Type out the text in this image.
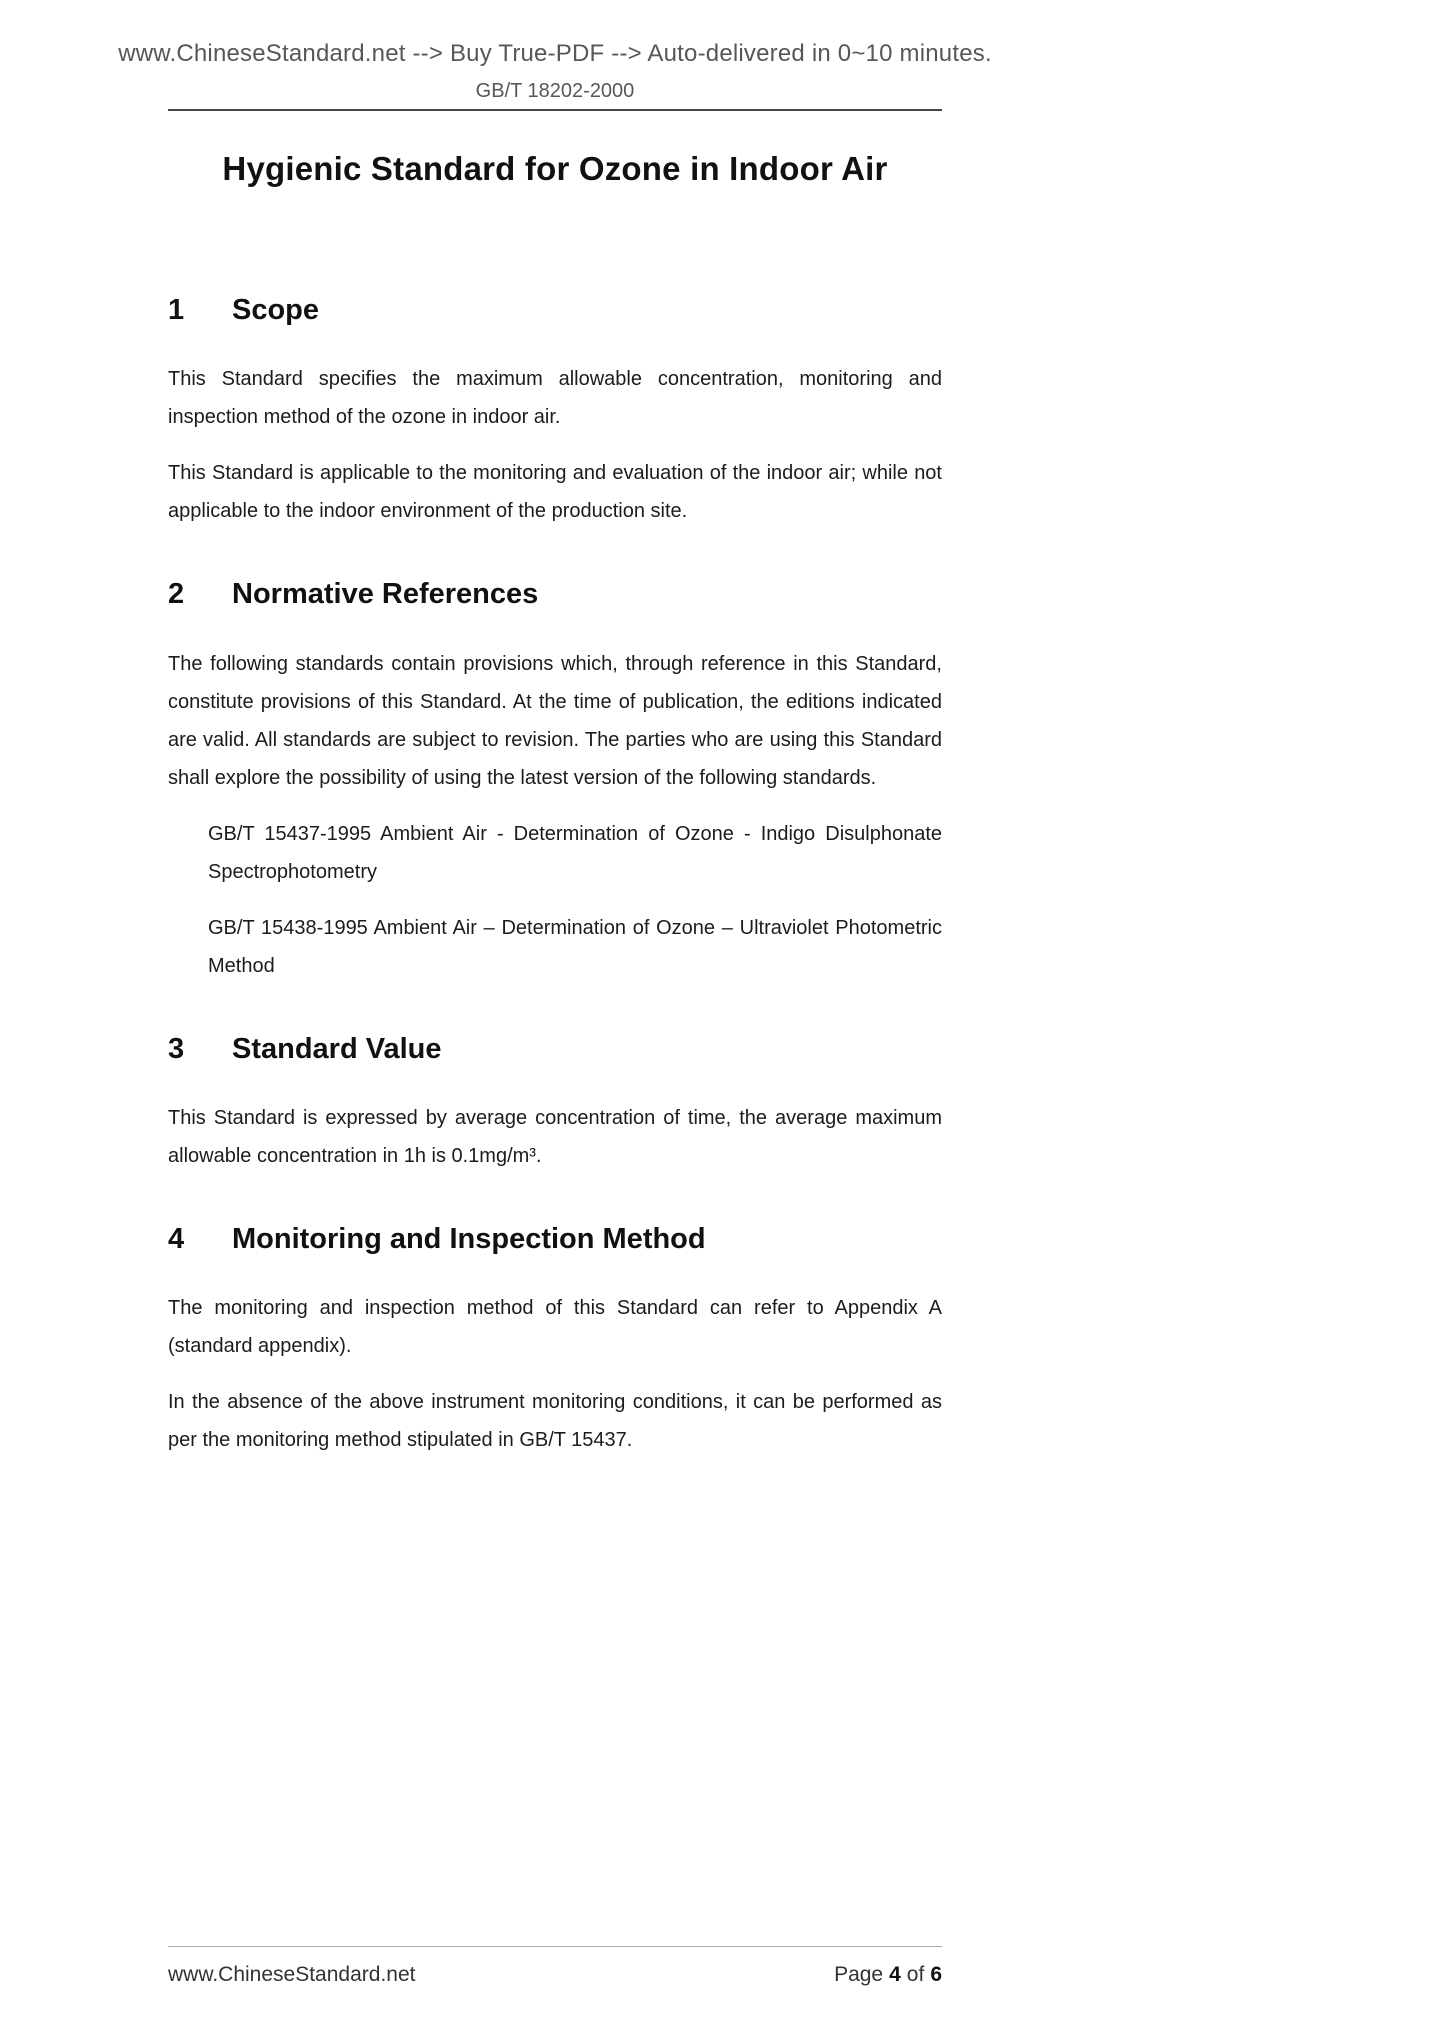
www.ChineseStandard.net --> Buy True-PDF --> Auto-delivered in 0~10 minutes.
GB/T 18202-2000
Hygienic Standard for Ozone in Indoor Air
1	Scope

This Standard specifies the maximum allowable concentration, monitoring and inspection method of the ozone in indoor air.

This Standard is applicable to the monitoring and evaluation of the indoor air; while not applicable to the indoor environment of the production site.

2	Normative References

The following standards contain provisions which, through reference in this Standard, constitute provisions of this Standard. At the time of publication, the editions indicated are valid. All standards are subject to revision. The parties who are using this Standard shall explore the possibility of using the latest version of the following standards.

GB/T 15437-1995 Ambient Air - Determination of Ozone - Indigo Disulphonate Spectrophotometry

GB/T 15438-1995 Ambient Air – Determination of Ozone – Ultraviolet Photometric Method

3	Standard Value

This Standard is expressed by average concentration of time, the average maximum allowable concentration in 1h is 0.1mg/m³.

4	Monitoring and Inspection Method

The monitoring and inspection method of this Standard can refer to Appendix A (standard appendix).

In the absence of the above instrument monitoring conditions, it can be performed as per the monitoring method stipulated in GB/T 15437.

www.ChineseStandard.net	Page 4 of 6
